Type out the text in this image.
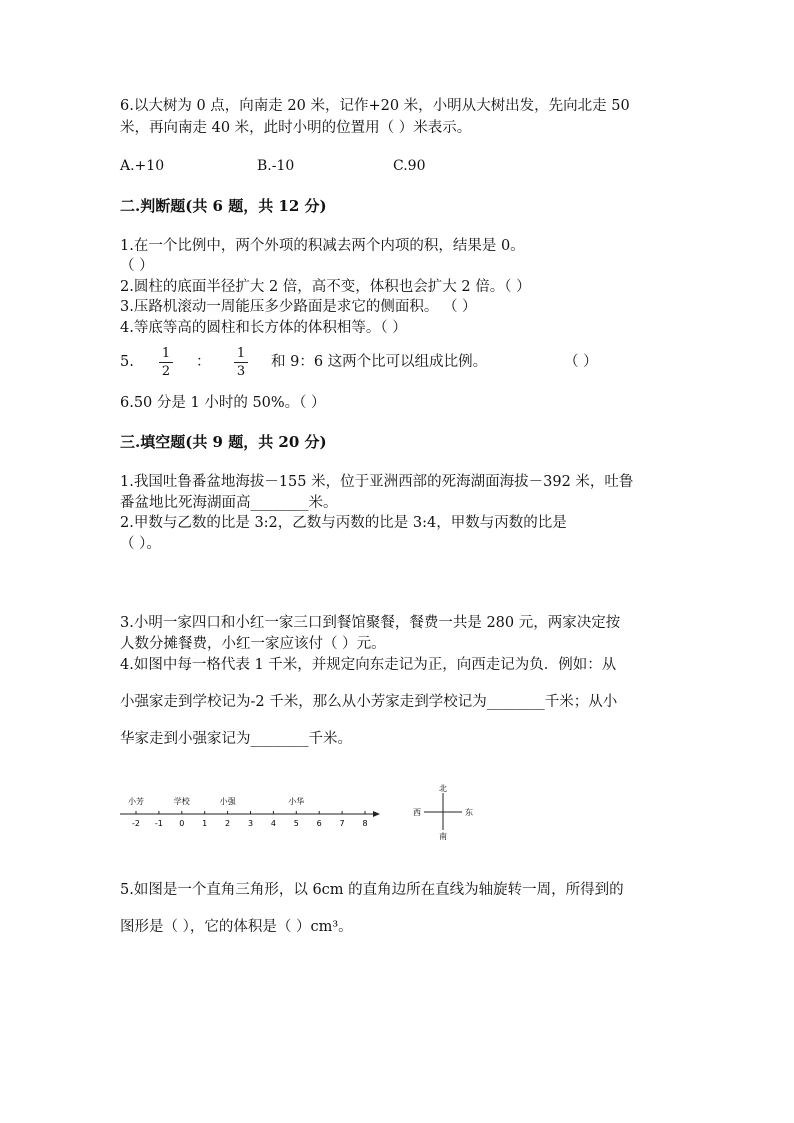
6.以大树为 0 点，向南走 20 米，记作+20 米，小明从大树出发，先向北走 50
米，再向南走 40 米，此时小明的位置用（ ）米表示。
A.+10	B.-10	C.90
二.判断题(共 6 题，共 12 分)
1.在一个比例中，两个外项的积减去两个内项的积，结果是 0。
（ ）
2.圆柱的底面半径扩大 2 倍，高不变，体积也会扩大 2 倍。（ ）
3.压路机滚动一周能压多少路面是求它的侧面积。 （ ）
4.等底等高的圆柱和长方体的体积相等。（ ）
5. $\frac{1}{2}$ ： $\frac{1}{3}$ 和 9：6 这两个比可以组成比例。	（ ）
6.50 分是 1 小时的 50%。（ ）
三.填空题(共 9 题，共 20 分)
1.我国吐鲁番盆地海拔－155 米，位于亚洲西部的死海湖面海拔－392 米，吐鲁
番盆地比死海湖面高________米。
2.甲数与乙数的比是 3:2，乙数与丙数的比是 3:4，甲数与丙数的比是
（ ）。
3.小明一家四口和小红一家三口到餐馆聚餐，餐费一共是 280 元，两家决定按
人数分摊餐费，小红一家应该付（ ）元。
4.如图中每一格代表 1 千米，并规定向东走记为正，向西走记为负．例如：从
小强家走到学校记为-2 千米，那么从小芳家走到学校记为________千米；从小
华家走到小强家记为________千米。
-2 -1 0 1 2 3 4 5 6 7 8
小芳	学校	小强	小华
北
南
西	东
5.如图是一个直角三角形，以 6cm 的直角边所在直线为轴旋转一周，所得到的
图形是（ ），它的体积是（ ）cm³。
